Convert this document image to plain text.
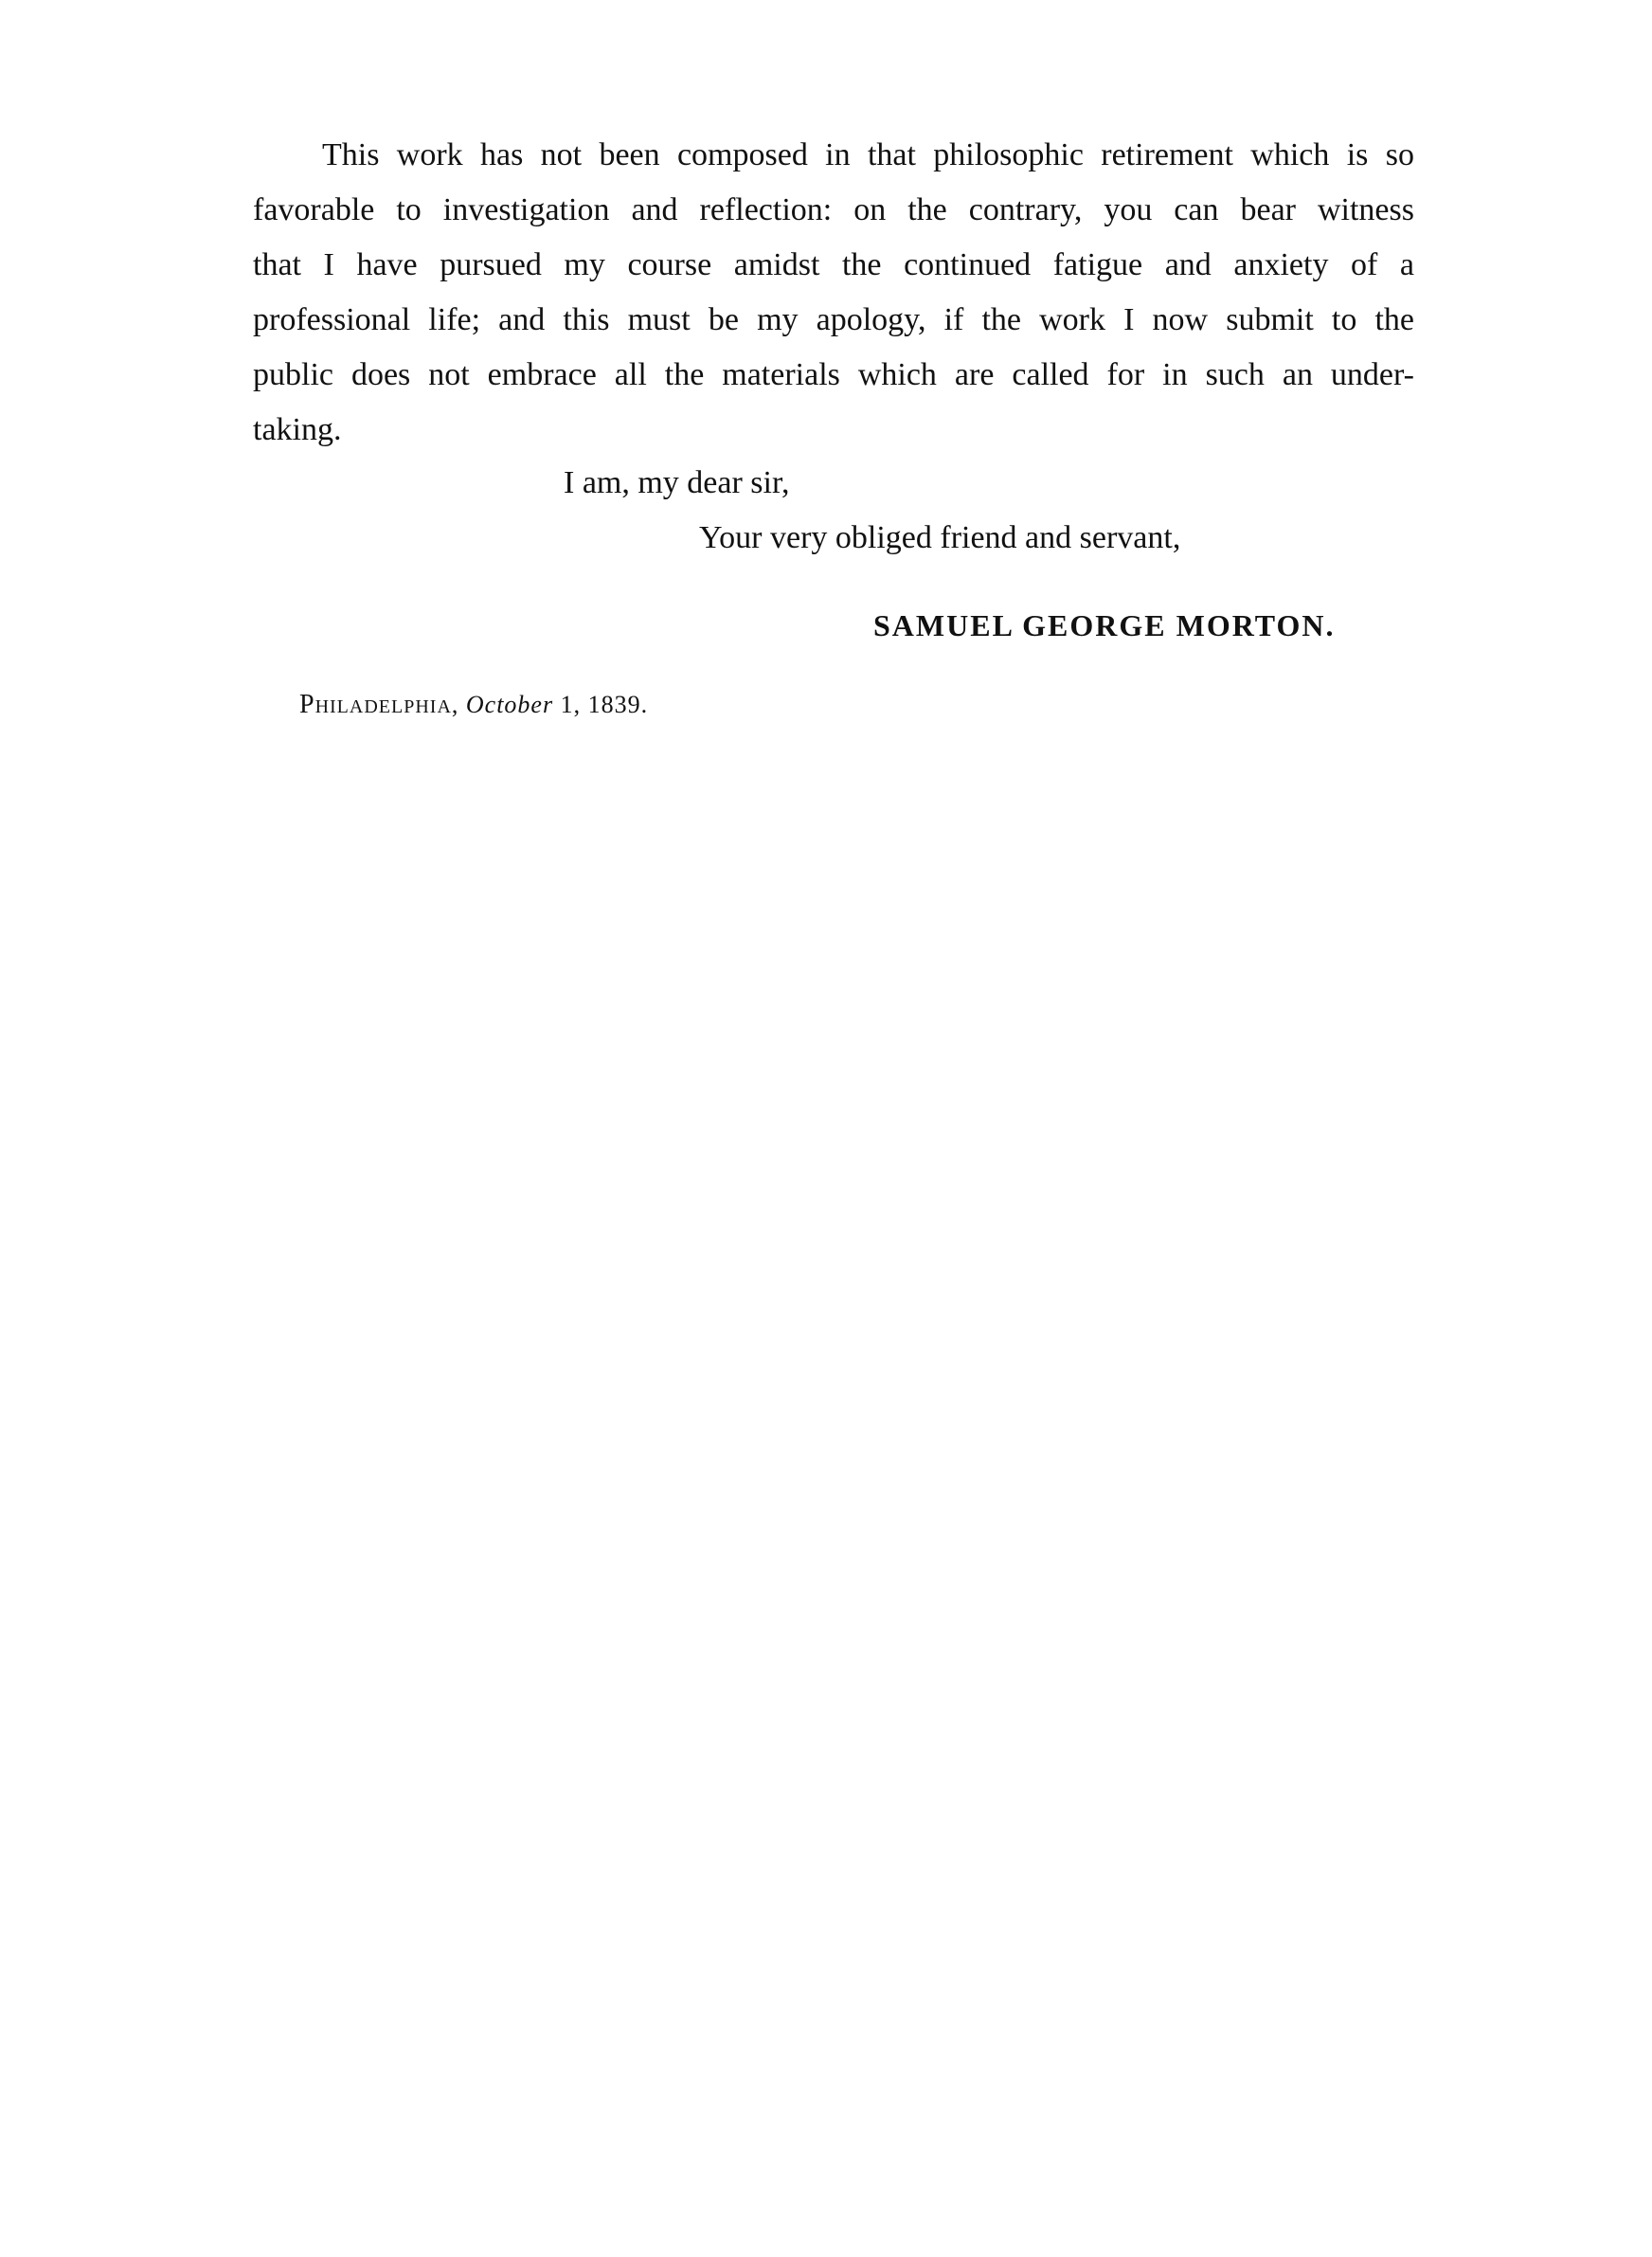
This work has not been composed in that philosophic retirement which is so
favorable to investigation and reflection: on the contrary, you can bear witness
that I have pursued my course amidst the continued fatigue and anxiety of a
professional life; and this must be my apology, if the work I now submit to the
public does not embrace all the materials which are called for in such an under-
taking.
I am, my dear sir,
Your very obliged friend and servant,
SAMUEL GEORGE MORTON.
Philadelphia, October 1, 1839.
